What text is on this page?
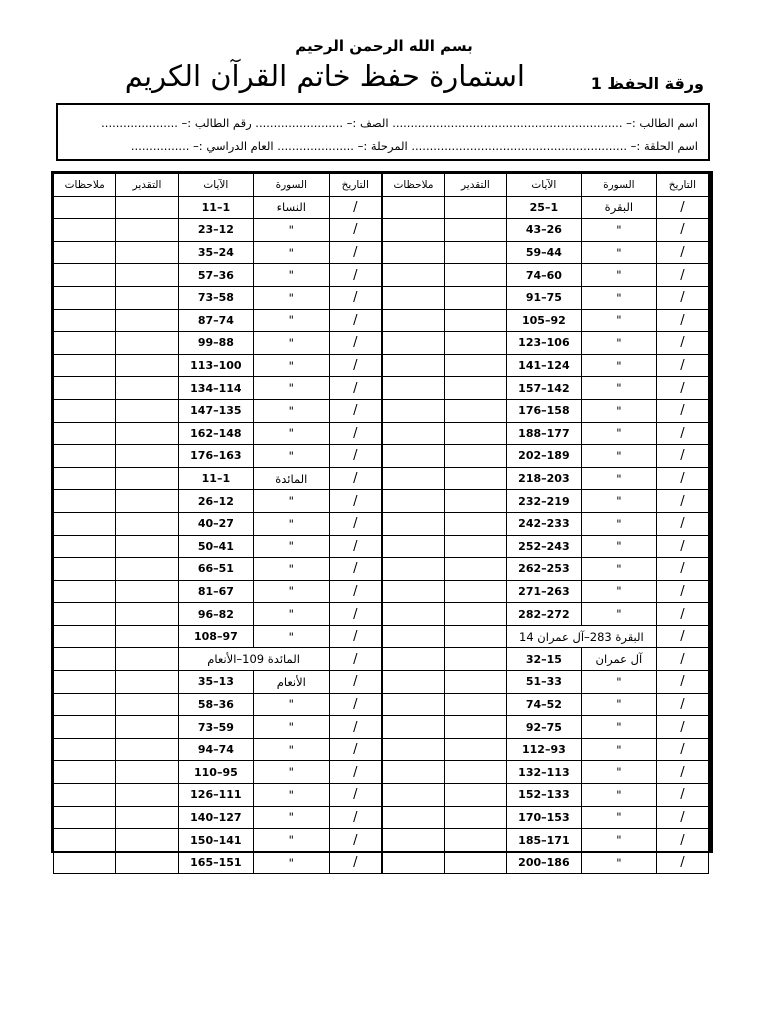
بسم الله الرحمن الرحيم
استمارة حفظ خاتم القرآن الكريم	ورقة الحفظ 1
اسم الطالب :– ............................................................... الصف :– ........................ رقم الطالب :– .....................
اسم الحلقة :– ........................................................... المرحلة :– ..................... العام الدراسي :– ................
التاريخ	السورة	الآيات	التقدير	ملاحظات
/	النساء	1–11		
/	"	12–23		
/	"	24–35		
/	"	36–57		
/	"	58–73		
/	"	74–87		
/	"	88–99		
/	"	100–113		
/	"	114–134		
/	"	135–147		
/	"	148–162		
/	"	163–176		
/	المائدة	1–11		
/	"	12–26		
/	"	27–40		
/	"	41–50		
/	"	51–66		
/	"	67–81		
/	"	82–96		
/	"	97–108		
/	المائدة 109–الأنعام			
/	الأنعام	13–35		
/	"	36–58		
/	"	59–73		
/	"	74–94		
/	"	95–110		
/	"	111–126		
/	"	127–140		
/	"	141–150		
/	"	151–165		
التاريخ	السورة	الآيات	التقدير	ملاحظات
/	البقرة	1–25		
/	"	26–43		
/	"	44–59		
/	"	60–74		
/	"	75–91		
/	"	92–105		
/	"	106–123		
/	"	124–141		
/	"	142–157		
/	"	158–176		
/	"	177–188		
/	"	189–202		
/	"	203–218		
/	"	219–232		
/	"	233–242		
/	"	243–252		
/	"	253–262		
/	"	263–271		
/	"	272–282		
/	البقرة 283–آل عمران 14			
/	آل عمران	15–32		
/	"	33–51		
/	"	52–74		
/	"	75–92		
/	"	93–112		
/	"	113–132		
/	"	133–152		
/	"	153–170		
/	"	171–185		
/	"	186–200		
